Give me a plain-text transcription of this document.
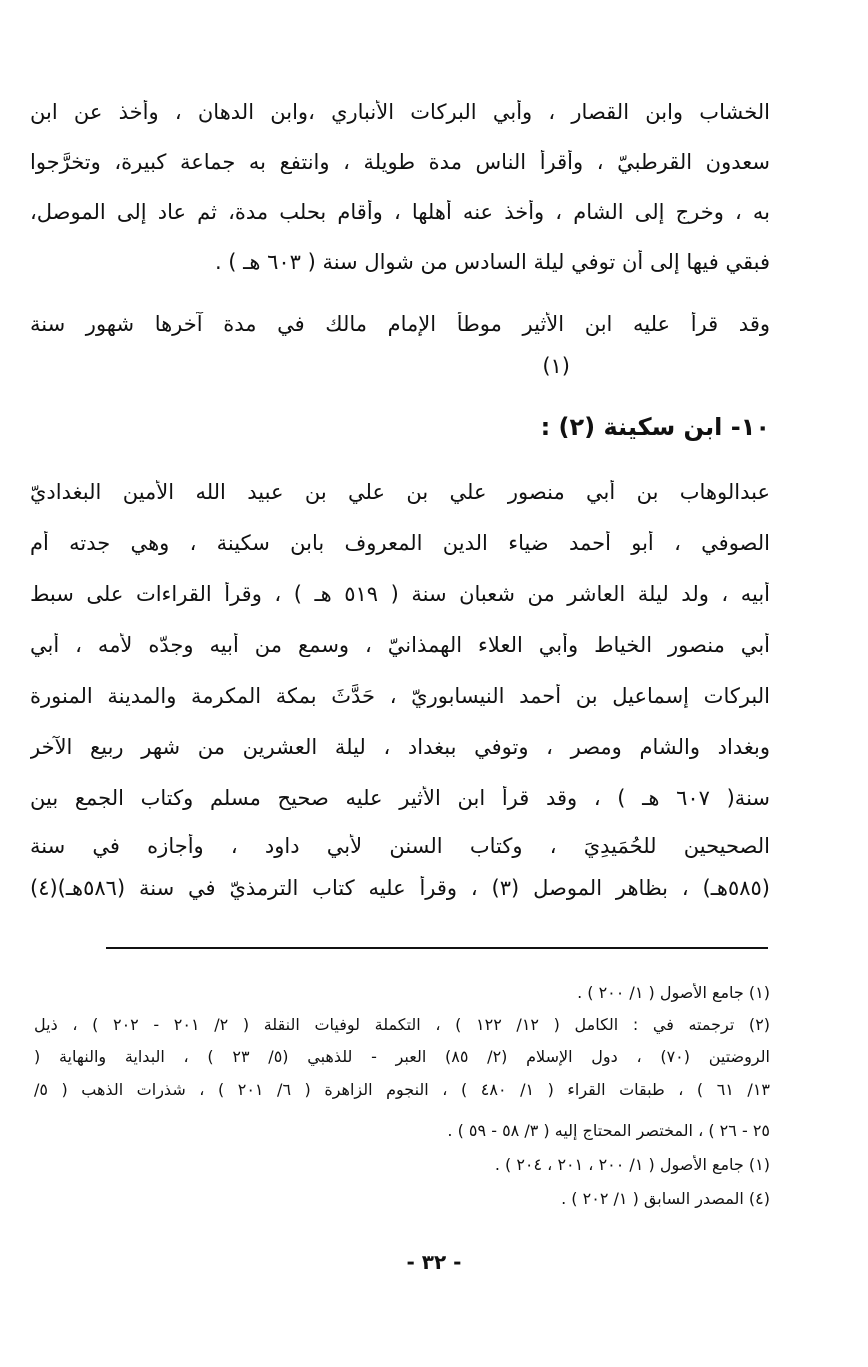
الخشاب وابن القصار ، وأبي البركات الأنباري ،وابن الدهان ، وأخذ عن ابن
سعدون القرطبيّ ، وأقرأ الناس مدة طويلة ، وانتفع به جماعة كبيرة، وتخرَّجوا
به ، وخرج إلى الشام ، وأخذ عنه أهلها ، وأقام بحلب مدة، ثم عاد إلى الموصل،
فبقي فيها إلى أن توفي ليلة السادس من شوال سنة ( ٦٠٣ هـ ) .
وقد قرأ عليه ابن الأثير موطأ الإمام مالك في مدة آخرها شهور سنة
(١)
١٠- ابن سكينة (٢) :
عبدالوهاب بن أبي منصور علي بن علي بن عبيد الله الأمين البغداديّ
الصوفي ، أبو أحمد ضياء الدين المعروف بابن سكينة ، وهي جدته أم
أبيه ، ولد ليلة العاشر من شعبان سنة ( ٥١٩ هـ ) ، وقرأ القراءات على سبط
أبي منصور الخياط وأبي العلاء الهمذانيّ ، وسمع من أبيه وجدّه لأمه ، أبي
البركات إسماعيل بن أحمد النيسابوريّ ، حَدَّثَ بمكة المكرمة والمدينة المنورة
وبغداد والشام ومصر ، وتوفي ببغداد ، ليلة العشرين من شهر ربيع الآخر
سنة( ٦٠٧ هـ ) ، وقد قرأ ابن الأثير عليه صحيح مسلم وكتاب الجمع بين
الصحيحين للحُمَيدِيَ ، وكتاب السنن لأبي داود ، وأجازه في سنة
(٥٨٥هـ) ، بظاهر الموصل (٣) ، وقرأ عليه كتاب الترمذيّ في سنة (٥٨٦هـ)(٤)
(١) جامع الأصول ( ١/ ٢٠٠ ) .
(٢) ترجمته في : الكامل ( ١٢/ ١٢٢ ) ، التكملة لوفيات النقلة ( ٢/ ٢٠١ - ٢٠٢ ) ، ذيل
الروضتين (٧٠) ، دول الإسلام (٢/ ٨٥) العبر - للذهبي (٥/ ٢٣ ) ، البداية والنهاية (
١٣/ ٦١ ) ، طبقات القراء ( ١/ ٤٨٠ ) ، النجوم الزاهرة ( ٦/ ٢٠١ ) ، شذرات الذهب ( ٥/
٢٥ - ٢٦ ) ، المختصر المحتاج إليه ( ٣/ ٥٨ - ٥٩ ) .
(١) جامع الأصول ( ١/ ٢٠٠ ، ٢٠١ ، ٢٠٤ ) .
(٤) المصدر السابق ( ١/ ٢٠٢ ) .
- ٣٢ -
